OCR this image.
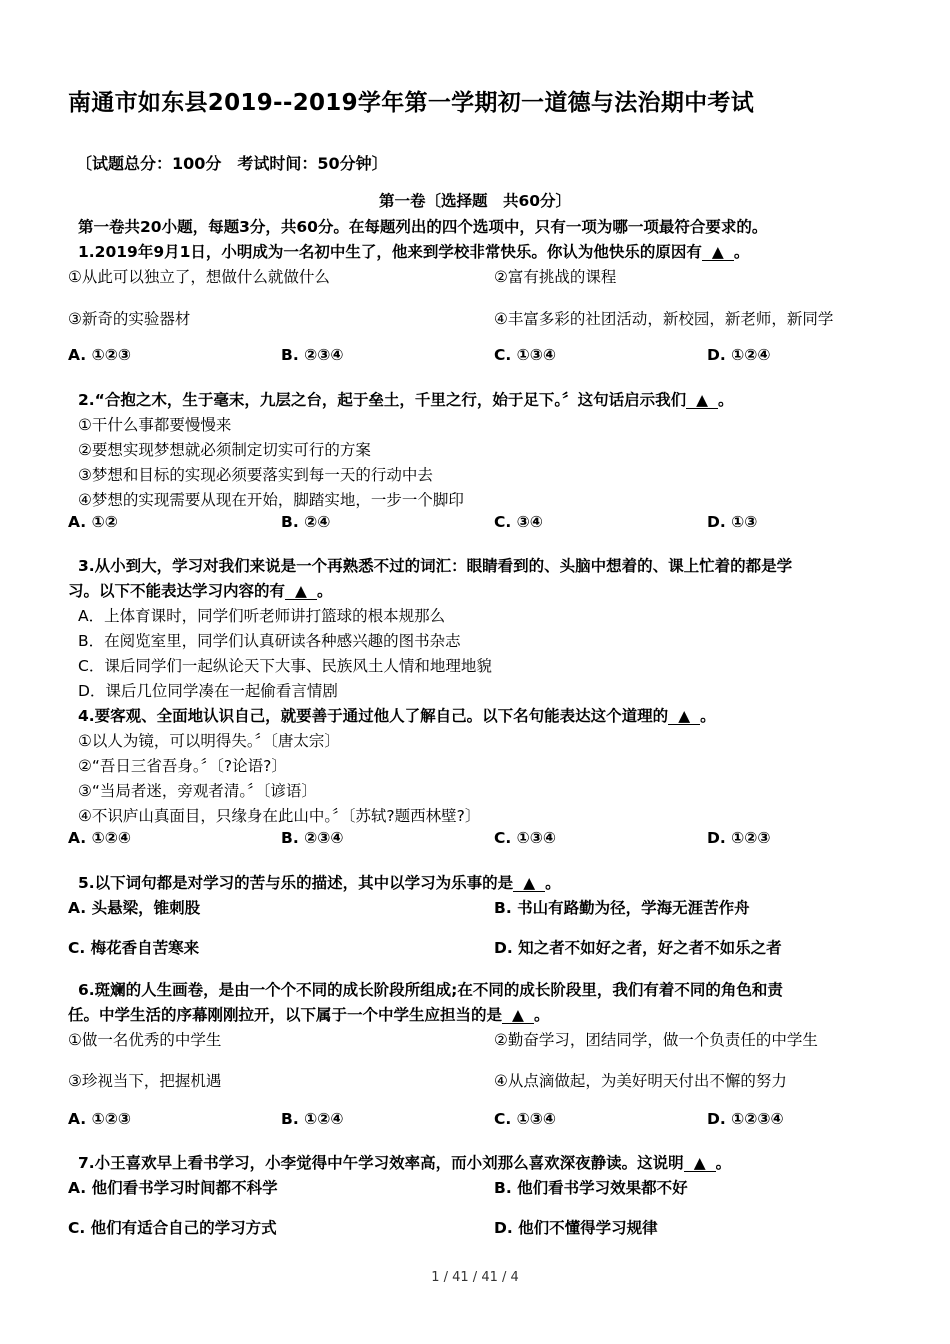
南通市如东县2019--2019学年第一学期初一道德与法治期中考试
〔试题总分：100分　考试时间：50分钟〕
第一卷〔选择题　共60分〕
第一卷共20小题，每题3分，共60分。在每题列出的四个选项中，只有一项为哪一项最符合要求的。
1.2019年9月1日，小明成为一名初中生了，他来到学校非常快乐。你认为他快乐的原因有 ▲ 。
①从此可以独立了，想做什么就做什么	②富有挑战的课程
③新奇的实验器材	④丰富多彩的社团活动，新校园，新老师，新同学
A. ①②③	B. ②③④	C. ①③④	D. ①②④
2.“合抱之木，生于毫末，九层之台，起于垒土，千里之行，始于足下。〞这句话启示我们 ▲ 。
①干什么事都要慢慢来
②要想实现梦想就必须制定切实可行的方案
③梦想和目标的实现必须要落实到每一天的行动中去
④梦想的实现需要从现在开始，脚踏实地，一步一个脚印
A. ①②	B. ②④	C. ③④	D. ①③
3.从小到大，学习对我们来说是一个再熟悉不过的词汇：眼睛看到的、头脑中想着的、课上忙着的都是学
习。以下不能表达学习内容的有 ▲ 。
A．上体育课时，同学们听老师讲打篮球的根本规那么
B．在阅览室里，同学们认真研读各种感兴趣的图书杂志
C．课后同学们一起纵论天下大事、民族风土人情和地理地貌
D．课后几位同学凑在一起偷看言情剧
4.要客观、全面地认识自己，就要善于通过他人了解自己。以下名句能表达这个道理的 ▲ 。
①以人为镜，可以明得失。〞〔唐太宗〕
②“吾日三省吾身。〞〔?论语?〕
③“当局者迷，旁观者清。〞〔谚语〕
④不识庐山真面目，只缘身在此山中。〞〔苏轼?题西林壁?〕
A. ①②④	B. ②③④	C. ①③④	D. ①②③
5.以下词句都是对学习的苦与乐的描述，其中以学习为乐事的是 ▲ 。
A. 头悬梁，锥刺股	B. 书山有路勤为径，学海无涯苦作舟
C. 梅花香自苦寒来	D. 知之者不如好之者，好之者不如乐之者
6.斑斓的人生画卷，是由一个个不同的成长阶段所组成;在不同的成长阶段里，我们有着不同的角色和责
任。中学生活的序幕刚刚拉开，以下属于一个中学生应担当的是 ▲ 。
①做一名优秀的中学生	②勤奋学习，团结同学，做一个负责任的中学生
③珍视当下，把握机遇	④从点滴做起，为美好明天付出不懈的努力
A. ①②③	B. ①②④	C. ①③④	D. ①②③④
7.小王喜欢早上看书学习，小李觉得中午学习效率高，而小刘那么喜欢深夜静读。这说明 ▲ 。
A. 他们看书学习时间都不科学	B. 他们看书学习效果都不好
C. 他们有适合自己的学习方式	D. 他们不懂得学习规律
1 / 41 / 41 / 4
